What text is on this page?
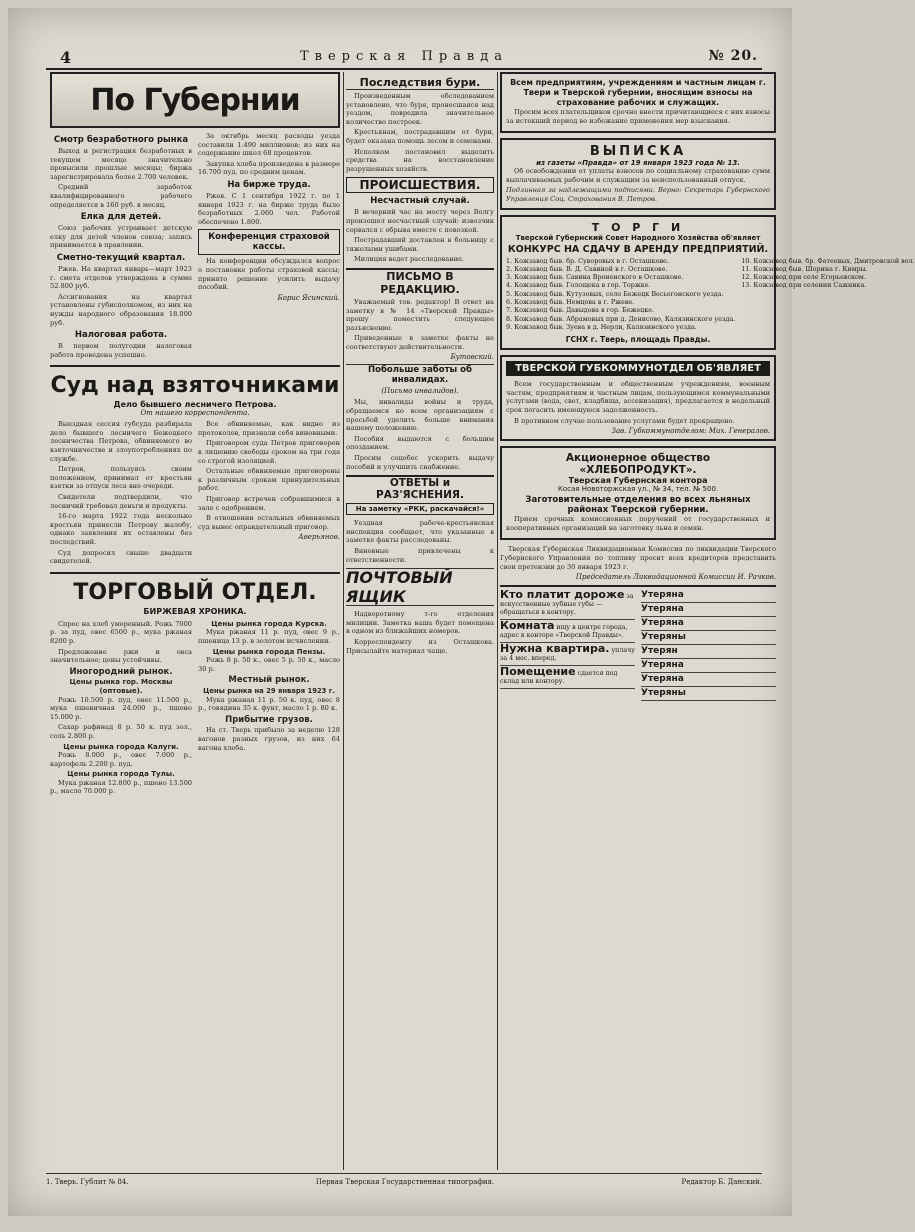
4	Тверская Правда	№ 20.
По Губернии
Смотр безработного рынка

Выход и регистрация безработных в текущем месяце значительно превысили прошлые месяцы; биржа зарегистрировала более 2.700 человек.

Средний заработок квалифицированного рабочего определяется в 160 руб. в месяц.

Елка для детей.

Союз рабочих устраивает детскую елку для детей членов союза; запись принимается в правлении.

Сметно-текущий квартал.

Ржев. На квартал январь—март 1923 г. смета отделов утверждена в сумме 52.800 руб.

Ассигнования на квартал установлены губисполкомом, из них на нужды народного образования 18.000 руб.

Налоговая работа.

В первом полугодии налоговая работа проведена успешно.

За октябрь месяц расходы уезда составили 1.490 миллионов; из них на содержание школ 68 процентов.

Закупка хлеба произведена в размере 16.700 пуд. по средним ценам.

На бирже труда.

Ржев. С 1 сентября 1922 г. по 1 января 1923 г. на бирже труда было безработных 2.060 чел. Работой обеспечено 1.800.

Конференция страховой кассы.

На конференции обсуждался вопрос о постановке работы страховой кассы; принято решение усилить выдачу пособий.

Борис Ясинский.
Суд над взяточниками
Дело бывшего лесничего Петрова.
От нашего корреспондента.

Выездная сессия губсуда разбирала дело бывшего лесничего Бежецкого лесничества Петрова, обвиняемого во взяточничестве и злоупотреблениях по службе.

Петров, пользуясь своим положением, принимал от крестьян взятки за отпуск леса вне очереди.

Свидетели подтвердили, что лесничий требовал деньги и продукты.

16-го марта 1922 года несколько крестьян принесли Петрову жалобу, однако заявления их оставлены без последствий.

Суд допросил свыше двадцати свидетелей.

Все обвиняемые, как видно из протоколов, признали себя виновными.

Приговором суда Петров приговорен к лишению свободы сроком на три года со строгой изоляцией.

Остальные обвиняемые приговорены к различным срокам принудительных работ.

Приговор встречен собравшимися в зале с одобрением.

В отношении остальных обвиняемых суд вынес оправдательный приговор.

Аверьянов.
ТОРГОВЫЙ ОТДЕЛ.
БИРЖЕВАЯ ХРОНИКА.

Спрос на хлеб умеренный. Рожь 7000 р. за пуд, овес 6500 р., мука ржаная 8200 р.

Предложение ржи и овса значительное; цены устойчивы.

Иногородний рынок.
Цены рынка гор. Москвы (оптовые).

Рожь 10.500 р. пуд, овес 11.500 р., мука пшеничная 24.000 р., пшено 15.000 р.

Сахар рафинад 8 р. 50 к. пуд зол., соль 2.800 р.

Цены рынка города Калуги.

Рожь 8.000 р., овес 7.000 р., картофель 2.200 р. пуд.

Цены рынка города Тулы.

Мука ржаная 12.800 р., пшено 13.500 р., масло 70.000 р.

Цены рынка города Курска.

Мука ржаная 11 р. пуд, овес 9 р., пшеница 13 р. в золотом исчислении.

Цены рынка города Пензы.

Рожь 8 р. 50 к., овес 5 р. 50 к., масло 30 р.

Местный рынок.
Цены рынка на 29 января 1923 г.

Мука ржаная 11 р. 50 к. пуд, овес 8 р., говядина 35 к. фунт, масло 1 р. 80 к.

Прибытие грузов.

На ст. Тверь прибыло за неделю 128 вагонов разных грузов, из них 64 вагона хлеба.

Последствия бури.

Произведенным обследованием установлено, что буря, пронесшаяся над уездом, повредила значительное количество построек.

Крестьянам, пострадавшим от бури, будет оказана помощь лесом и семенами.

Исполком постановил выделить средства на восстановление разрушенных хозяйств.

ПРОИСШЕСТВИЯ.
Несчастный случай.

В вечерний час на мосту через Волгу произошел несчастный случай: извозчик сорвался с обрыва вместе с повозкой.

Пострадавший доставлен в больницу с тяжелыми ушибами.

Милиция ведет расследование.

ПИСЬМО В РЕДАКЦИЮ.

Уважаемый тов. редактор! В ответ на заметку в № 14 «Тверской Правды» прошу поместить следующее разъяснение.

Приведенные в заметке факты не соответствуют действительности.

Бутовский.
Побольше заботы об инвалидах.
(Письмо инвалидов).

Мы, инвалиды войны и труда, обращаемся ко всем организациям с просьбой уделить больше внимания нашему положению.

Пособия выдаются с большим опозданием.

Просим соцобес ускорить выдачу пособий и улучшить снабжение.

ОТВЕТЫ и РАЗ'ЯСНЕНИЯ.
На заметку «РКК, раскачайся!»

Уездная рабоче-крестьянская инспекция сообщает, что указанные в заметке факты расследованы.

Виновные привлечены к ответственности.

ПОЧТОВЫЙ ЯЩИК

Надворотному т-го отделения милиции. Заметка ваша будет помещена в одном из ближайших номеров.

Корреспонденту из Осташкова. Присылайте материал чаще.

Всем предприятиям, учреждениям и частным лицам г. Твери и Тверской губернии, вносящим взносы на страхование рабочих и служащих.

Просим всех плательщиков срочно внести причитающиеся с них взносы за истекший период во избежание применения мер взыскания.

ВЫПИСКА
из газеты «Правда» от 19 января 1923 года № 13.

Об освобождении от уплаты взносов по социальному страхованию сумм выплачиваемых рабочим и служащим за неиспользованный отпуск.

Подлинная за надлежащими подписями. Верно: Секретарь Губернского Управления Соц. Страхования В. Петров.
Т О Р Г И
Тверской Губернский Совет Народного Хозяйства об'являет
КОНКУРС НА СДАЧУ В АРЕНДУ ПРЕДПРИЯТИЙ.
1. Кожзавод быв. бр. Суворовых в г. Осташкове.
2. Кожзавод быв. В. Д. Савиной в г. Осташкове.
3. Кожзавод быв. Савина Вроненского в Осташкове.
4. Кожзавод быв. Голощека в гор. Торжке.
5. Кожзавод быв. Кутузовых, село Бежецк Весьегонского уезда.
6. Кожзавод быв. Немцова в г. Ржеве.
7. Кожзавод быв. Давыдова в гор. Бежецке.
8. Кожзавод быв. Абрамовых при д. Денисово, Калязинского уезда.
9. Кожзавод быв. Зуева в д. Нерли, Калязинского уезда.
10. Кожзавод быв. бр. Фатеевых, Дмитровской вол.
11. Кожзавод быв. Шорина г. Кимры.
12. Кожзавод при селе Егорьевском.
13. Кожзавод при селении Сажника.
ГСНХ г. Тверь, площадь Правды.
ТВЕРСКОЙ ГУБКОММУНОТДЕЛ ОБ'ЯВЛЯЕТ

Всем государственным и общественным учреждениям, военным частям, предприятиям и частным лицам, пользующимся коммунальными услугами (вода, свет, кладбища, ассенизация), предлагается в недельный срок погасить имеющуюся задолженность.

В противном случае пользование услугами будет прекращено.

Зав. Губкоммунотделом: Мих. Генералов.
Акционерное общество «ХЛЕБОПРОДУКТ».
Тверская Губернская контора
Косая Новоторжская ул., № 34, тел. № 500.
Заготовительные отделения во всех льняных районах Тверской губернии.

Прием срочных комиссионных поручений от государственных и кооперативных организаций на заготовку льна и семян.

Тверская Губернская Ликвидационная Комиссия по ликвидации Тверского Губернского Управления по топливу просит всех кредиторов представить свои претензии до 30 января 1923 г.

Председатель Ликвидационной Комиссии И. Рачков.
Кто платит дороже за искусственные зубные губы — обращаться в контору.
Комната ищу в центре города, адрес в конторе «Тверской Правды».
Нужна квартира. уплачу за 4 мес. вперед.
Помещение сдается под склад или контору.
Утеряна
Утеряна
Утеряна
Утеряны
Утерян
Утеряна
Утеряна
Утеряны
1. Тверь. Гублит № 84.	Первая Тверская Государственная типография.	Редактор Б. Данский.
